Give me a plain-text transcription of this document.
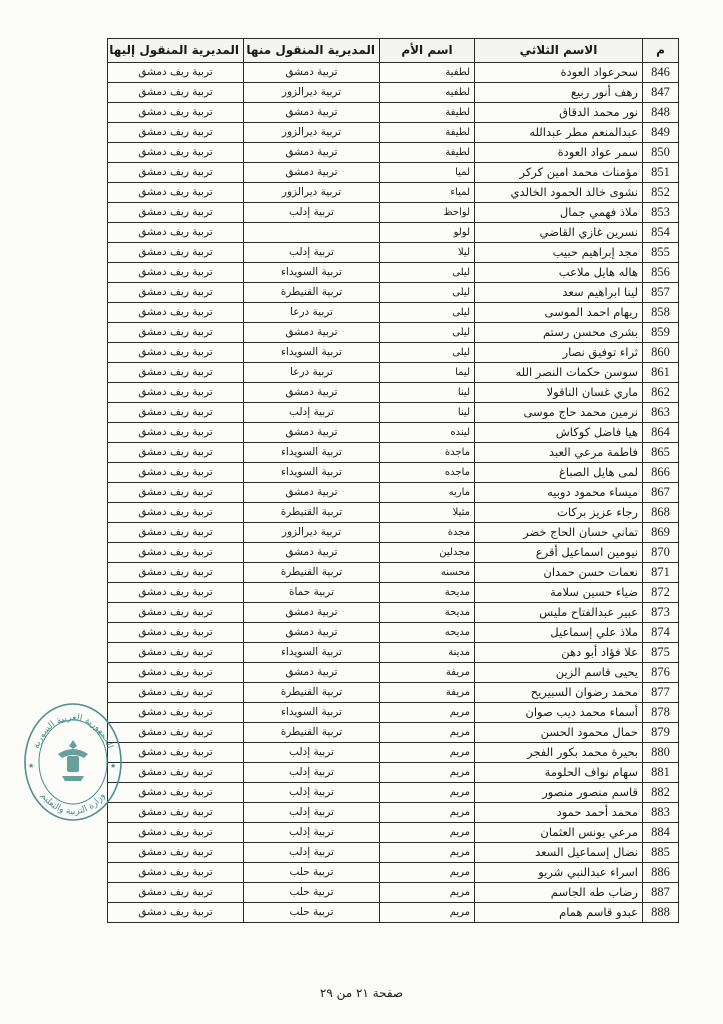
م	الاسم الثلاثي	اسم الأم	المديرية المنقول منها	المديرية المنقول إليها
846	سحرعواد العودة	لطفية	تربية دمشق	تربية ريف دمشق
847	رهف أنور ربيع	لطفيه	تربية ديرالزور	تربية ريف دمشق
848	نور محمد الدقاق	لطيفة	تربية دمشق	تربية ريف دمشق
849	عبدالمنعم مطر عبدالله	لطيفة	تربية ديرالزور	تربية ريف دمشق
850	سمر عواد العودة	لطيفة	تربية دمشق	تربية ريف دمشق
851	مؤمنات محمد امين كركر	لميا	تربية دمشق	تربية ريف دمشق
852	نشوى خالد الحمود الخالدي	لمياء	تربية ديرالزور	تربية ريف دمشق
853	ملاذ فهمي جمال	لواحظ	تربية إدلب	تربية ريف دمشق
854	نسرين غازي القاضي	لولو		تربية ريف دمشق
855	مجد إبراهيم حبيب	ليلا	تربية إدلب	تربية ريف دمشق
856	هاله هايل ملاعب	ليلى	تربية السويداء	تربية ريف دمشق
857	لينا ابراهيم سعد	ليلى	تربية القنيطرة	تربية ريف دمشق
858	ريهام احمد الموسى	ليلى	تربية درعا	تربية ريف دمشق
859	بشرى محسن رستم	ليلى	تربية دمشق	تربية ريف دمشق
860	ثراء توفيق نصار	ليلى	تربية السويداء	تربية ريف دمشق
861	سوسن حكمات النصر الله	ليما	تربية درعا	تربية ريف دمشق
862	ماري غسان الناقولا	لينا	تربية دمشق	تربية ريف دمشق
863	نرمين محمد حاج موسى	لينا	تربية إدلب	تربية ريف دمشق
864	هيا فاضل كوكاش	لينده	تربية دمشق	تربية ريف دمشق
865	فاطمة مرعي العبد	ماجدة	تربية السويداء	تربية ريف دمشق
866	لمى هايل الصباغ	ماجده	تربية السويداء	تربية ريف دمشق
867	ميساء محمود دوبيه	ماريه	تربية دمشق	تربية ريف دمشق
868	رجاء عزيز بركات	مثيلا	تربية القنيطرة	تربية ريف دمشق
869	تماني حسان الحاج خضر	مجدة	تربية ديرالزور	تربية ريف دمشق
870	نيومين اسماعيل أقرع	مجدلين	تربية دمشق	تربية ريف دمشق
871	نعمات حسن حمدان	محسنه	تربية القنيطرة	تربية ريف دمشق
872	ضياء حسين سلامة	مديحة	تربية حماة	تربية ريف دمشق
873	عبير عبدالفتاح مليس	مديحة	تربية دمشق	تربية ريف دمشق
874	ملاذ علي إسماعيل	مديحه	تربية دمشق	تربية ريف دمشق
875	علا فؤاد أبو دهن	مدينة	تربية السويداء	تربية ريف دمشق
876	يحيى قاسم الزين	مريفة	تربية دمشق	تربية ريف دمشق
877	محمد رضوان السبيريح	مريفة	تربية القنيطرة	تربية ريف دمشق
878	أسماء محمد ديب صوان	مريم	تربية السويداء	تربية ريف دمشق
879	حمال محمود الحسن	مريم	تربية القنيطرة	تربية ريف دمشق
880	بحيرة محمد بكور الفجر	مريم	تربية إدلب	تربية ريف دمشق
881	سهام نواف الحلومة	مريم	تربية إدلب	تربية ريف دمشق
882	قاسم منصور منصور	مريم	تربية إدلب	تربية ريف دمشق
883	محمد أحمد حمود	مريم	تربية إدلب	تربية ريف دمشق
884	مرعي يونس العثمان	مريم	تربية إدلب	تربية ريف دمشق
885	نضال إسماعيل السعد	مريم	تربية إدلب	تربية ريف دمشق
886	اسراء عبدالنبي شريو	مريم	تربية حلب	تربية ريف دمشق
887	رضاب طه الجاسم	مريم	تربية حلب	تربية ريف دمشق
888	عبدو قاسم همام	مريم	تربية حلب	تربية ريف دمشق
الجمهورية العربية السورية
وزارة التربية والتعليم
★	★
صفحة ٢١ من ٢٩
